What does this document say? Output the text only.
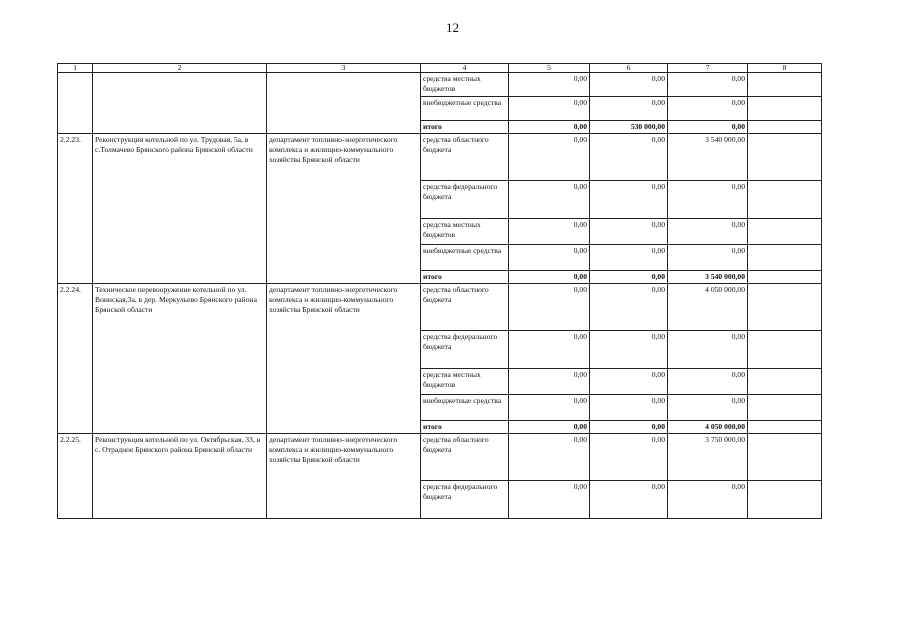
12
1	2	3	4	5	6	7	8
			средства местных бюджетов	0,00	0,00	0,00	
			внебюджетные средства	0,00	0,00	0,00	
			итого	0,00	530 000,00	0,00	
2.2.23.	Реконструкция котельной по ул. Трудовая, 5а, в с.Толмачево Брянского района Брянской области	департамент топливно-энергетического комплекса и жилищно-коммунального хозяйства Брянской области	средства областного бюджета	0,00	0,00	3 540 000,00	
			средства федерального бюджета	0,00	0,00	0,00	
			средства местных бюджетов	0,00	0,00	0,00	
			внебюджетные средства	0,00	0,00	0,00	
			итого	0,00	0,00	3 540 000,00	
2.2.24.	Техническое перевооружение котельной по ул. Воинская,3а, в дер. Меркульево Брянского района Брянской области	департамент топливно-энергетического комплекса и жилищно-коммунального хозяйства Брянской области	средства областного бюджета	0,00	0,00	4 050 000,00	
			средства федерального бюджета	0,00	0,00	0,00	
			средства местных бюджетов	0,00	0,00	0,00	
			внебюджетные средства	0,00	0,00	0,00	
			итого	0,00	0,00	4 050 000,00	
2.2.25.	Реконструкция котельной по ул. Октябрьская, 33, в с. Отрадное Брянского района Брянской области	департамент топливно-энергетического комплекса и жилищно-коммунального хозяйства Брянской области	средства областного бюджета	0,00	0,00	3 750 000,00	
			средства федерального бюджета	0,00	0,00	0,00	
